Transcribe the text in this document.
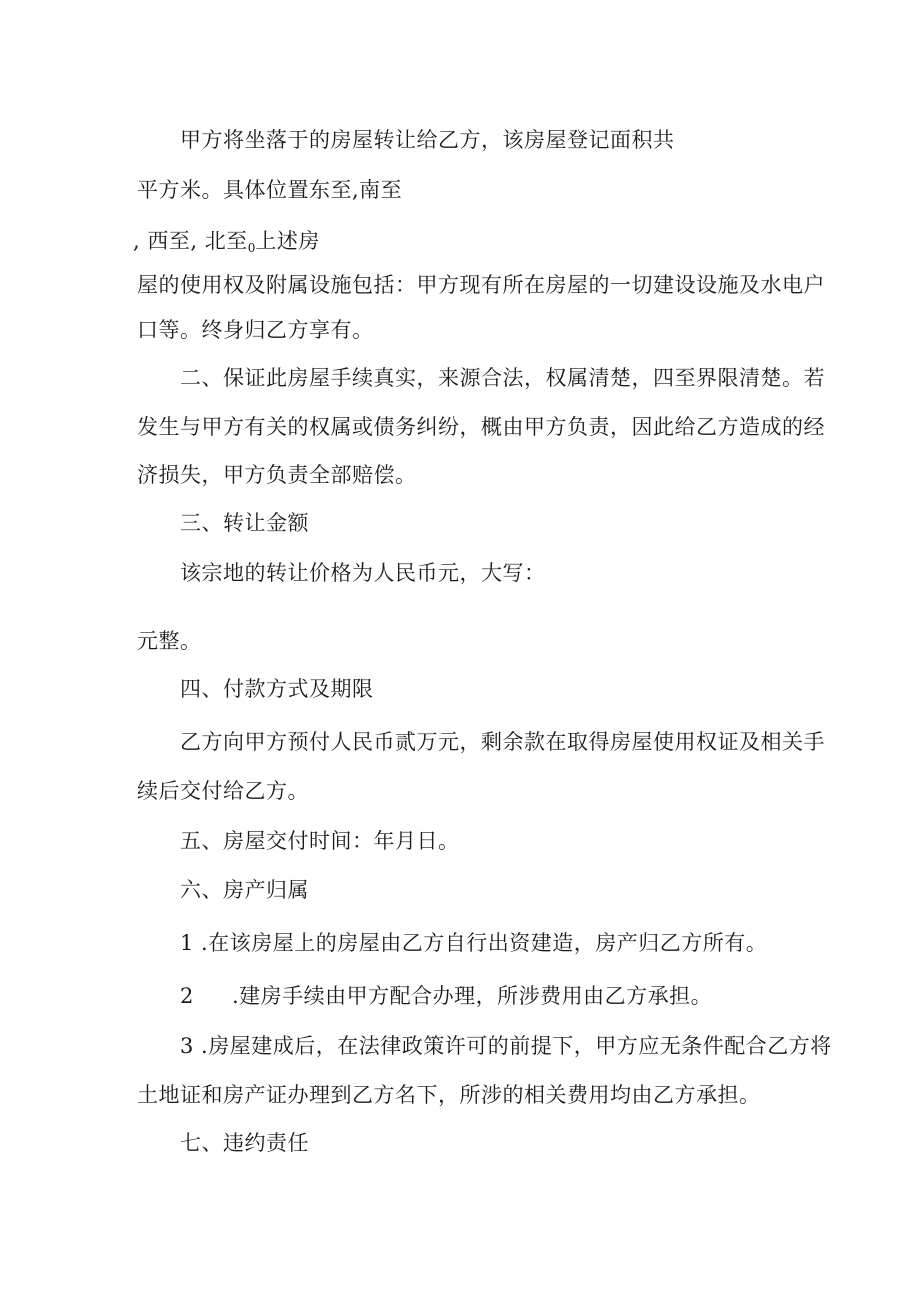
甲方将坐落于的房屋转让给乙方，该房屋登记面积共
平方米。具体位置东至,南至
, 西至, 北至0上述房
屋的使用权及附属设施包括：甲方现有所在房屋的一切建设设施及水电户
口等。终身归乙方享有。
二、保证此房屋手续真实，来源合法，权属清楚，四至界限清楚。若
发生与甲方有关的权属或债务纠纷，概由甲方负责，因此给乙方造成的经
济损失，甲方负责全部赔偿。
三、转让金额
该宗地的转让价格为人民币元，大写：
元整。
四、付款方式及期限
乙方向甲方预付人民币贰万元，剩余款在取得房屋使用权证及相关手
续后交付给乙方。
五、房屋交付时间：年月日。
六、房产归属
1 .在该房屋上的房屋由乙方自行出资建造，房产归乙方所有。
2 .建房手续由甲方配合办理，所涉费用由乙方承担。
3 .房屋建成后，在法律政策许可的前提下，甲方应无条件配合乙方将
土地证和房产证办理到乙方名下，所涉的相关费用均由乙方承担。
七、违约责任
